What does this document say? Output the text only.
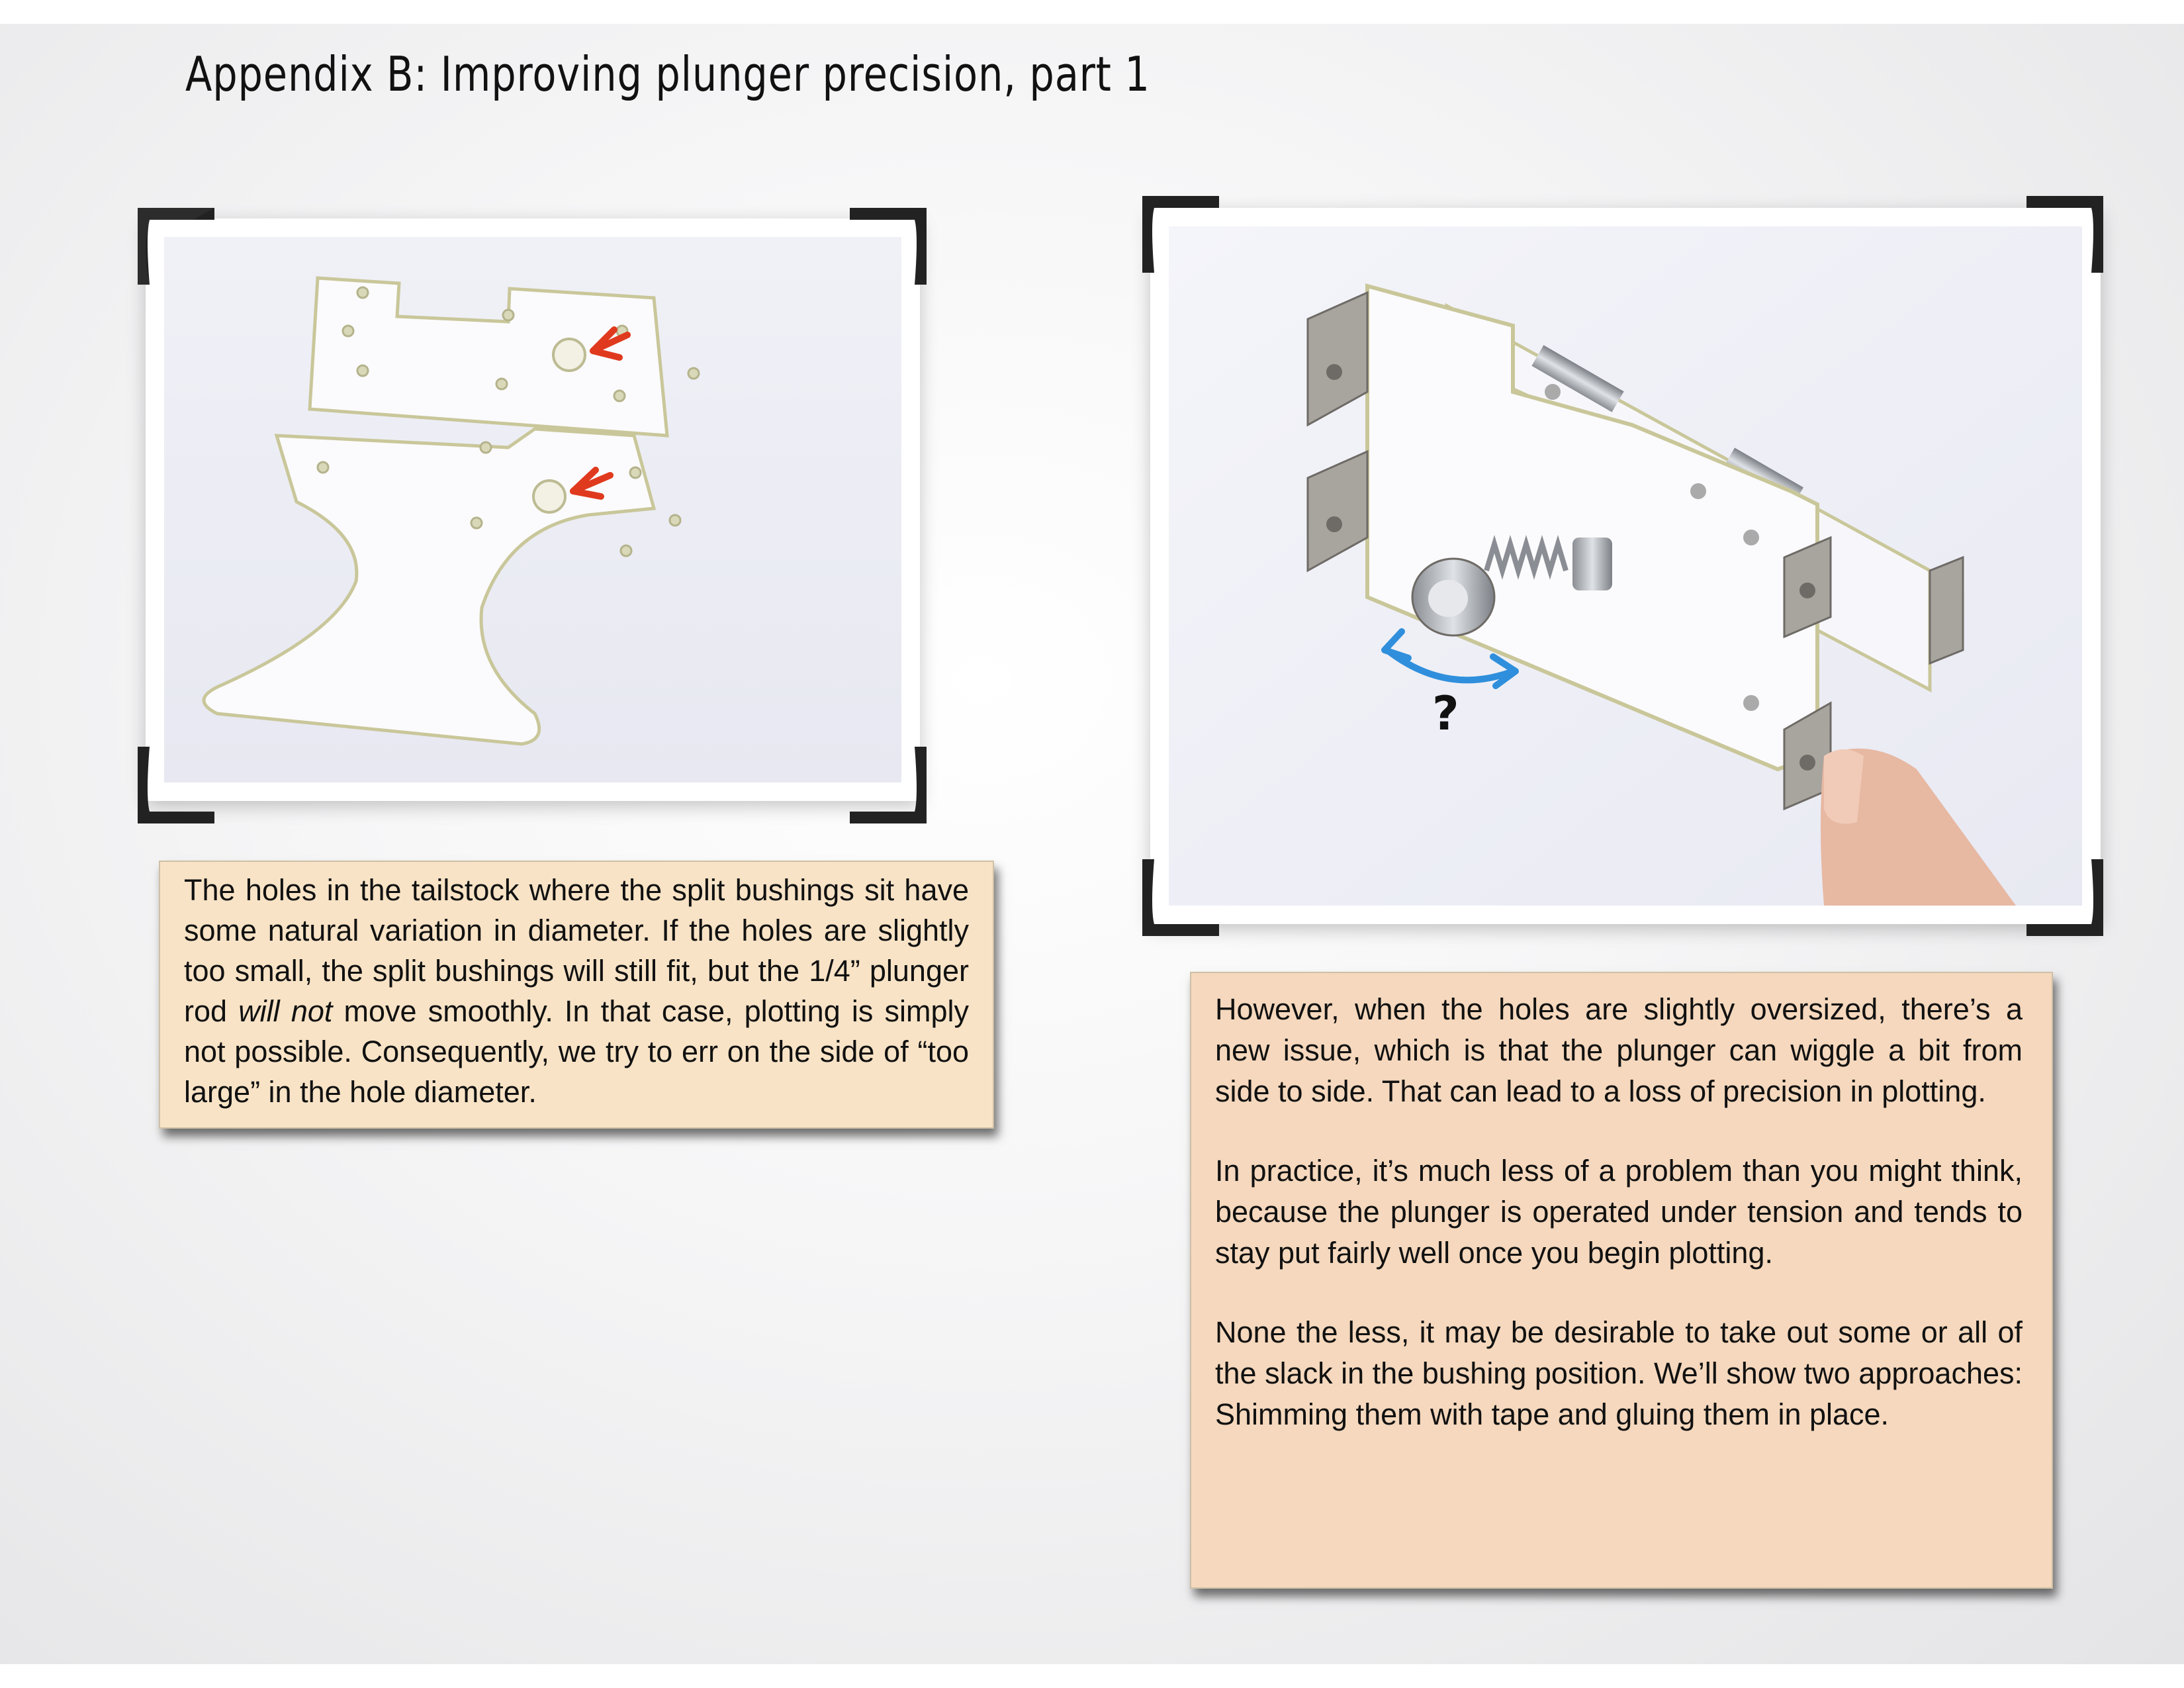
Appendix B: Improving plunger precision, part 1
?

The holes in the tailstock where the split bushings sit have some natural variation in diameter. If the holes are slightly too small, the split bushings will still fit, but the 1/4” plunger rod will not move smoothly. In that case, plotting is simply not possible. Consequently, we try to err on the side of “too large” in the hole diameter.

However, when the holes are slightly oversized, there’s a new issue, which is that the plunger can wiggle a bit from side to side. That can lead to a loss of precision in plotting.

In practice, it’s much less of a problem than you might think, because the plunger is operated under tension and tends to stay put fairly well once you begin plotting.

None the less, it may be desirable to take out some or all of the slack in the bushing position. We’ll show two approaches: Shimming them with tape and gluing them in place.
